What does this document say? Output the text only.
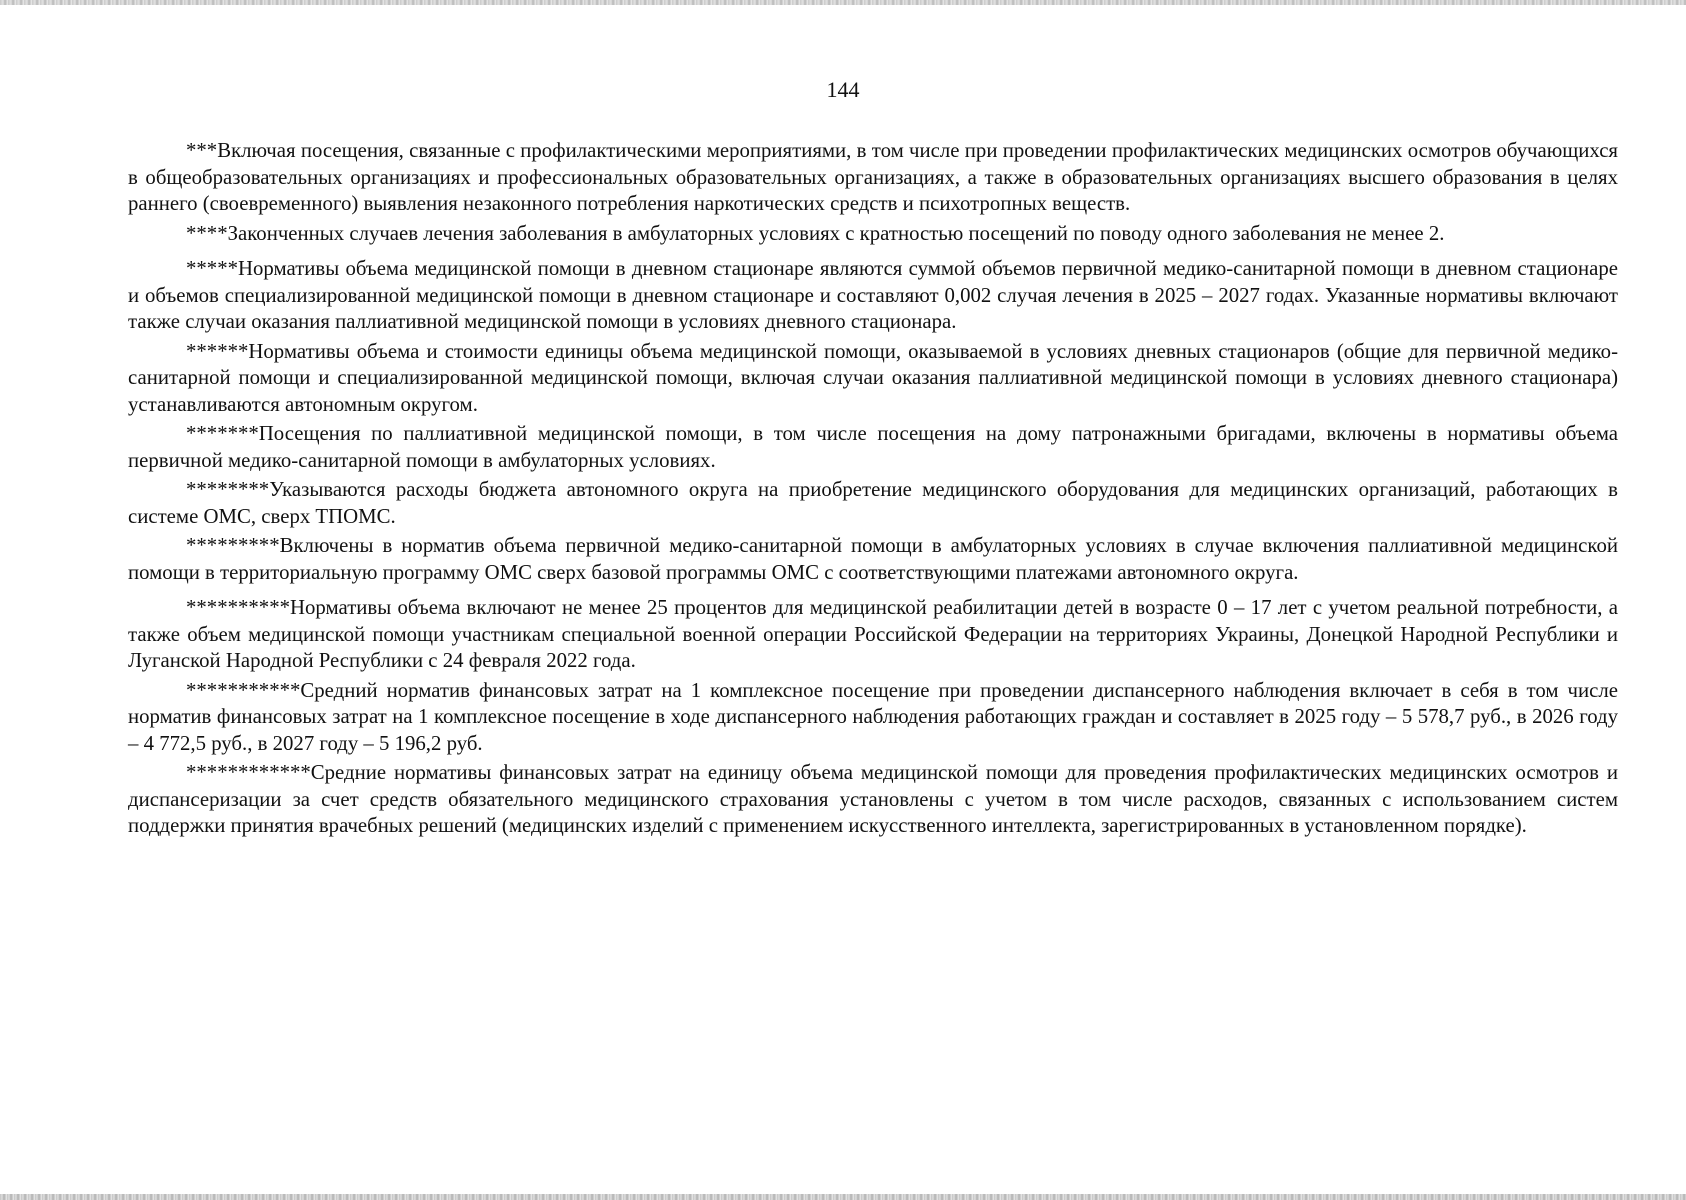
144

***Включая посещения, связанные с профилактическими мероприятиями, в том числе при проведении профилактических медицинских осмотров обучающихся в общеобразовательных организациях и профессиональных образовательных организациях, а также в образовательных организациях высшего образования в целях раннего (своевременного) выявления незаконного потребления наркотических средств и психотропных веществ.

****Законченных случаев лечения заболевания в амбулаторных условиях с кратностью посещений по поводу одного заболевания не менее 2.

*****Нормативы объема медицинской помощи в дневном стационаре являются суммой объемов первичной медико-санитарной помощи в дневном стационаре и объемов специализированной медицинской помощи в дневном стационаре и составляют 0,002 случая лечения в 2025 – 2027 годах. Указанные нормативы включают также случаи оказания паллиативной медицинской помощи в условиях дневного стационара.

******Нормативы объема и стоимости единицы объема медицинской помощи, оказываемой в условиях дневных стационаров (общие для первичной медико-санитарной помощи и специализированной медицинской помощи, включая случаи оказания паллиативной медицинской помощи в условиях дневного стационара) устанавливаются автономным округом.

*******Посещения по паллиативной медицинской помощи, в том числе посещения на дому патронажными бригадами, включены в нормативы объема первичной медико-санитарной помощи в амбулаторных условиях.

********Указываются расходы бюджета автономного округа на приобретение медицинского оборудования для медицинских организаций, работающих в системе ОМС, сверх ТПОМС.

*********Включены в норматив объема первичной медико-санитарной помощи в амбулаторных условиях в случае включения паллиативной медицинской помощи в территориальную программу ОМС сверх базовой программы ОМС с соответствующими платежами автономного округа.

**********Нормативы объема включают не менее 25 процентов для медицинской реабилитации детей в возрасте 0 – 17 лет с учетом реальной потребности, а также объем медицинской помощи участникам специальной военной операции Российской Федерации на территориях Украины, Донецкой Народной Республики и Луганской Народной Республики с 24 февраля 2022 года.

***********Средний норматив финансовых затрат на 1 комплексное посещение при проведении диспансерного наблюдения включает в себя в том числе норматив финансовых затрат на 1 комплексное посещение в ходе диспансерного наблюдения работающих граждан и составляет в 2025 году – 5 578,7 руб., в 2026 году – 4 772,5 руб., в 2027 году – 5 196,2 руб.

************Средние нормативы финансовых затрат на единицу объема медицинской помощи для проведения профилактических медицинских осмотров и диспансеризации за счет средств обязательного медицинского страхования установлены с учетом в том числе расходов, связанных с использованием систем поддержки принятия врачебных решений (медицинских изделий с применением искусственного интеллекта, зарегистрированных в установленном порядке).
